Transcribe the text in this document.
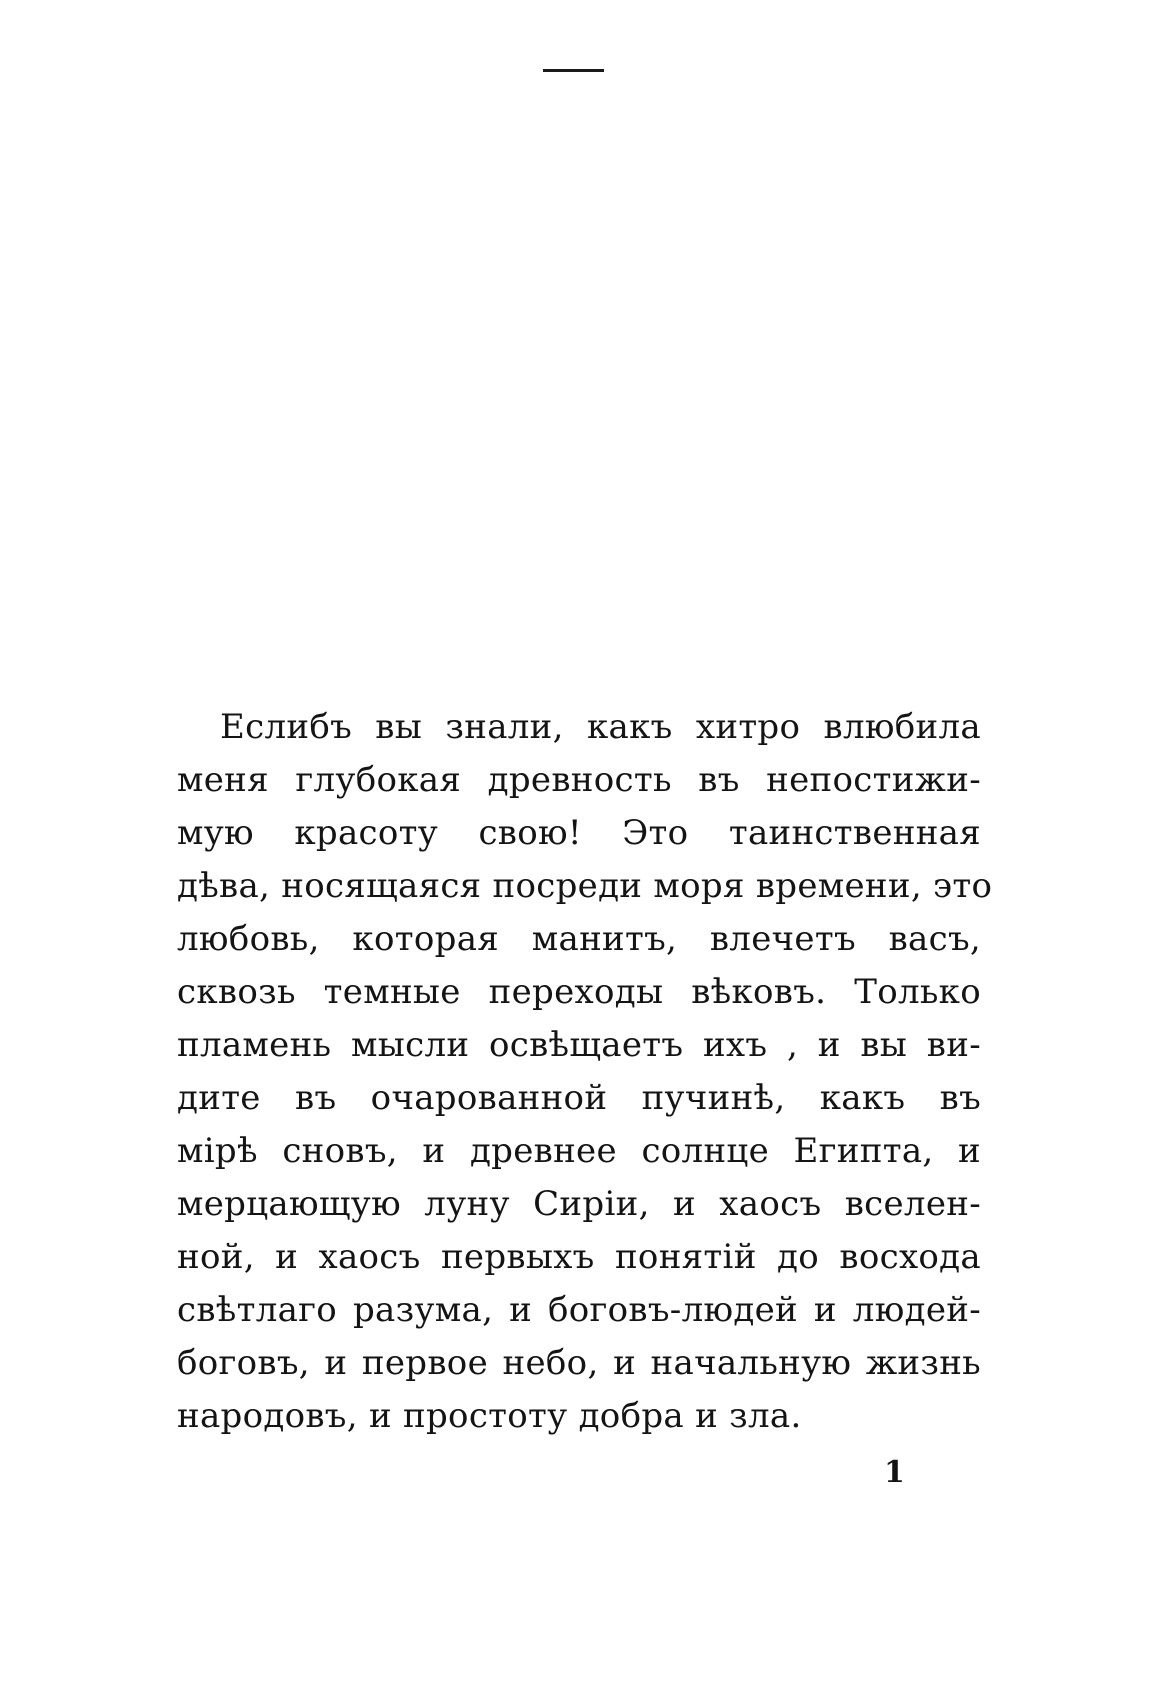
Еслибъ вы знали, какъ хитро влюбила
меня глубокая древность въ непостижи-
мую красоту свою! Это таинственная
дѣва, носящаяся посреди моря времени, это
любовь, которая манитъ, влечетъ васъ,
сквозь темные переходы вѣковъ. Только
пламень мысли освѣщаетъ ихъ , и вы ви-
дите въ очарованной пучинѣ, какъ въ
мірѣ сновъ, и древнее солнце Египта, и
мерцающую луну Сиріи, и хаосъ вселен-
ной, и хаосъ первыхъ понятій до восхода
свѣтлаго разума, и боговъ-людей и людей-
боговъ, и первое небо, и начальную жизнь
народовъ, и простоту добра и зла.
1
